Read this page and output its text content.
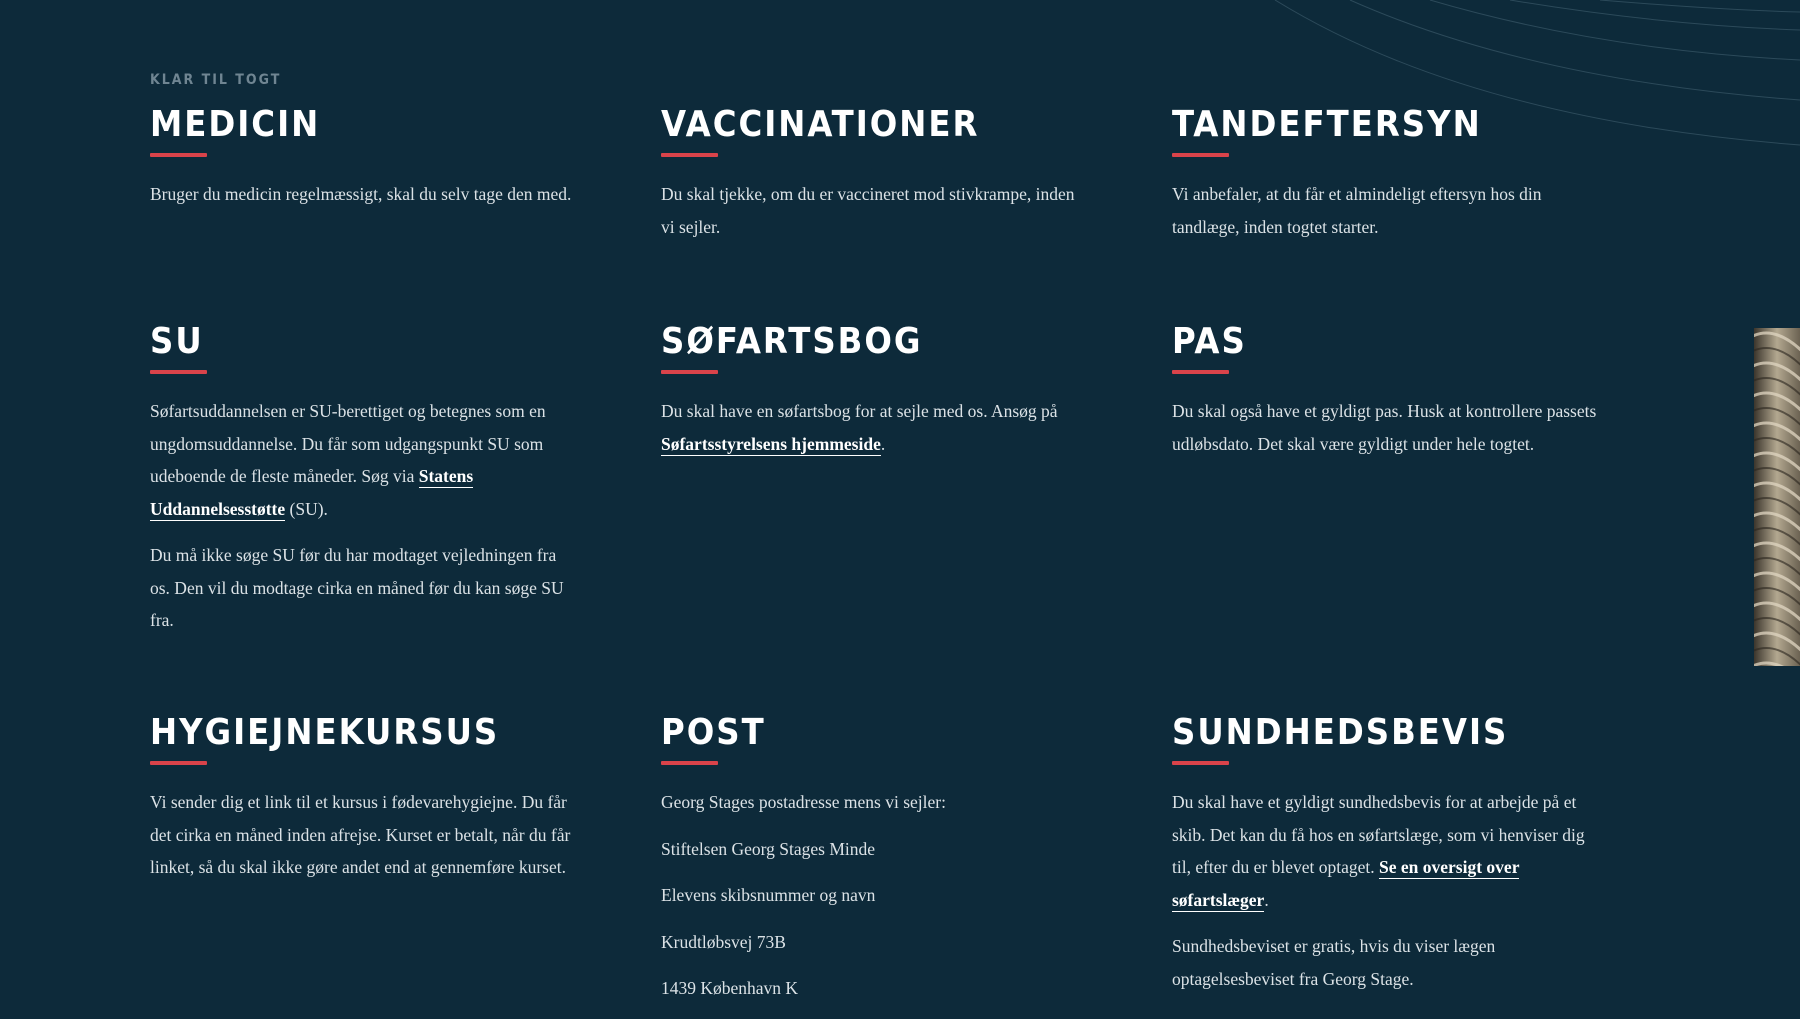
KLAR TIL TOGT
MEDICIN

Bruger du medicin regelmæssigt, skal du selv tage den med.

VACCINATIONER

Du skal tjekke, om du er vaccineret mod stivkrampe, inden vi sejler.

TANDEFTERSYN

Vi anbefaler, at du får et almindeligt eftersyn hos din tandlæge, inden togtet starter.

SU

Søfartsuddannelsen er SU-berettiget og betegnes som en ungdomsuddannelse. Du får som udgangspunkt SU som udeboende de fleste måneder. Søg via Statens Uddannelsesstøtte (SU).

Du må ikke søge SU før du har modtaget vejledningen fra os. Den vil du modtage cirka en måned før du kan søge SU fra.

SØFARTSBOG

Du skal have en søfartsbog for at sejle med os. Ansøg på Søfartsstyrelsens hjemmeside.

PAS

Du skal også have et gyldigt pas. Husk at kontrollere passets udløbsdato. Det skal være gyldigt under hele togtet.

HYGIEJNEKURSUS

Vi sender dig et link til et kursus i fødevarehygiejne. Du får det cirka en måned inden afrejse. Kurset er betalt, når du får linket, så du skal ikke gøre andet end at gennemføre kurset.

POST

Georg Stages postadresse mens vi sejler:

Stiftelsen Georg Stages Minde

Elevens skibsnummer og navn

Krudtløbsvej 73B

1439 København K

SUNDHEDSBEVIS

Du skal have et gyldigt sundhedsbevis for at arbejde på et skib. Det kan du få hos en søfartslæge, som vi henviser dig til, efter du er blevet optaget. Se en oversigt over søfartslæger.

Sundhedsbeviset er gratis, hvis du viser lægen optagelsesbeviset fra Georg Stage.
